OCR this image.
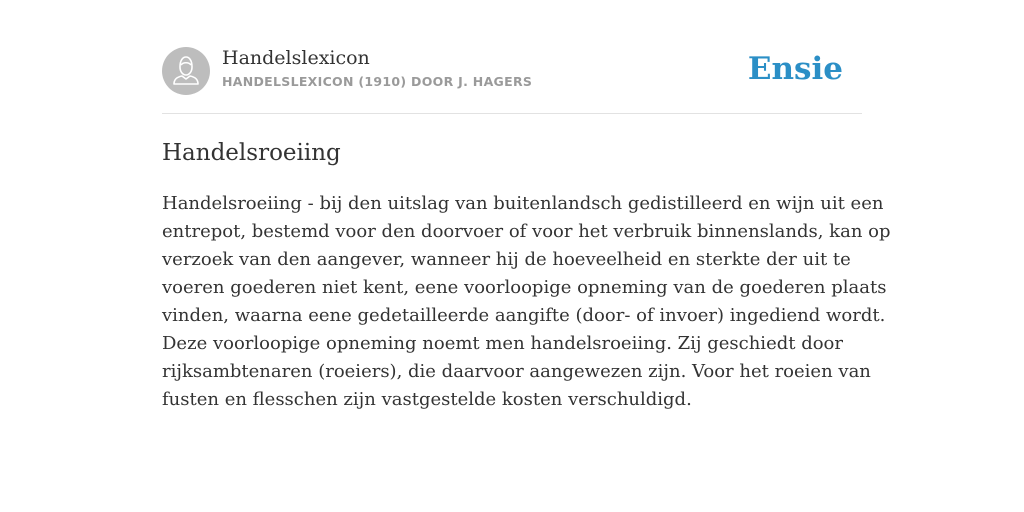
Handelslexicon
HANDELSLEXICON (1910) DOOR J. HAGERS	Ensie
Handelsroeiing

Handelsroeiing - bij den uitslag van buitenlandsch gedistilleerd en wijn uit een
entrepot, bestemd voor den doorvoer of voor het verbruik binnenslands, kan op
verzoek van den aangever, wanneer hij de hoeveelheid en sterkte der uit te
voeren goederen niet kent, eene voorloopige opneming van de goederen plaats
vinden, waarna eene gedetailleerde aangifte (door- of invoer) ingediend wordt.
Deze voorloopige opneming noemt men handelsroeiing. Zij geschiedt door
rijksambtenaren (roeiers), die daarvoor aangewezen zijn. Voor het roeien van
fusten en flesschen zijn vastgestelde kosten verschuldigd.
